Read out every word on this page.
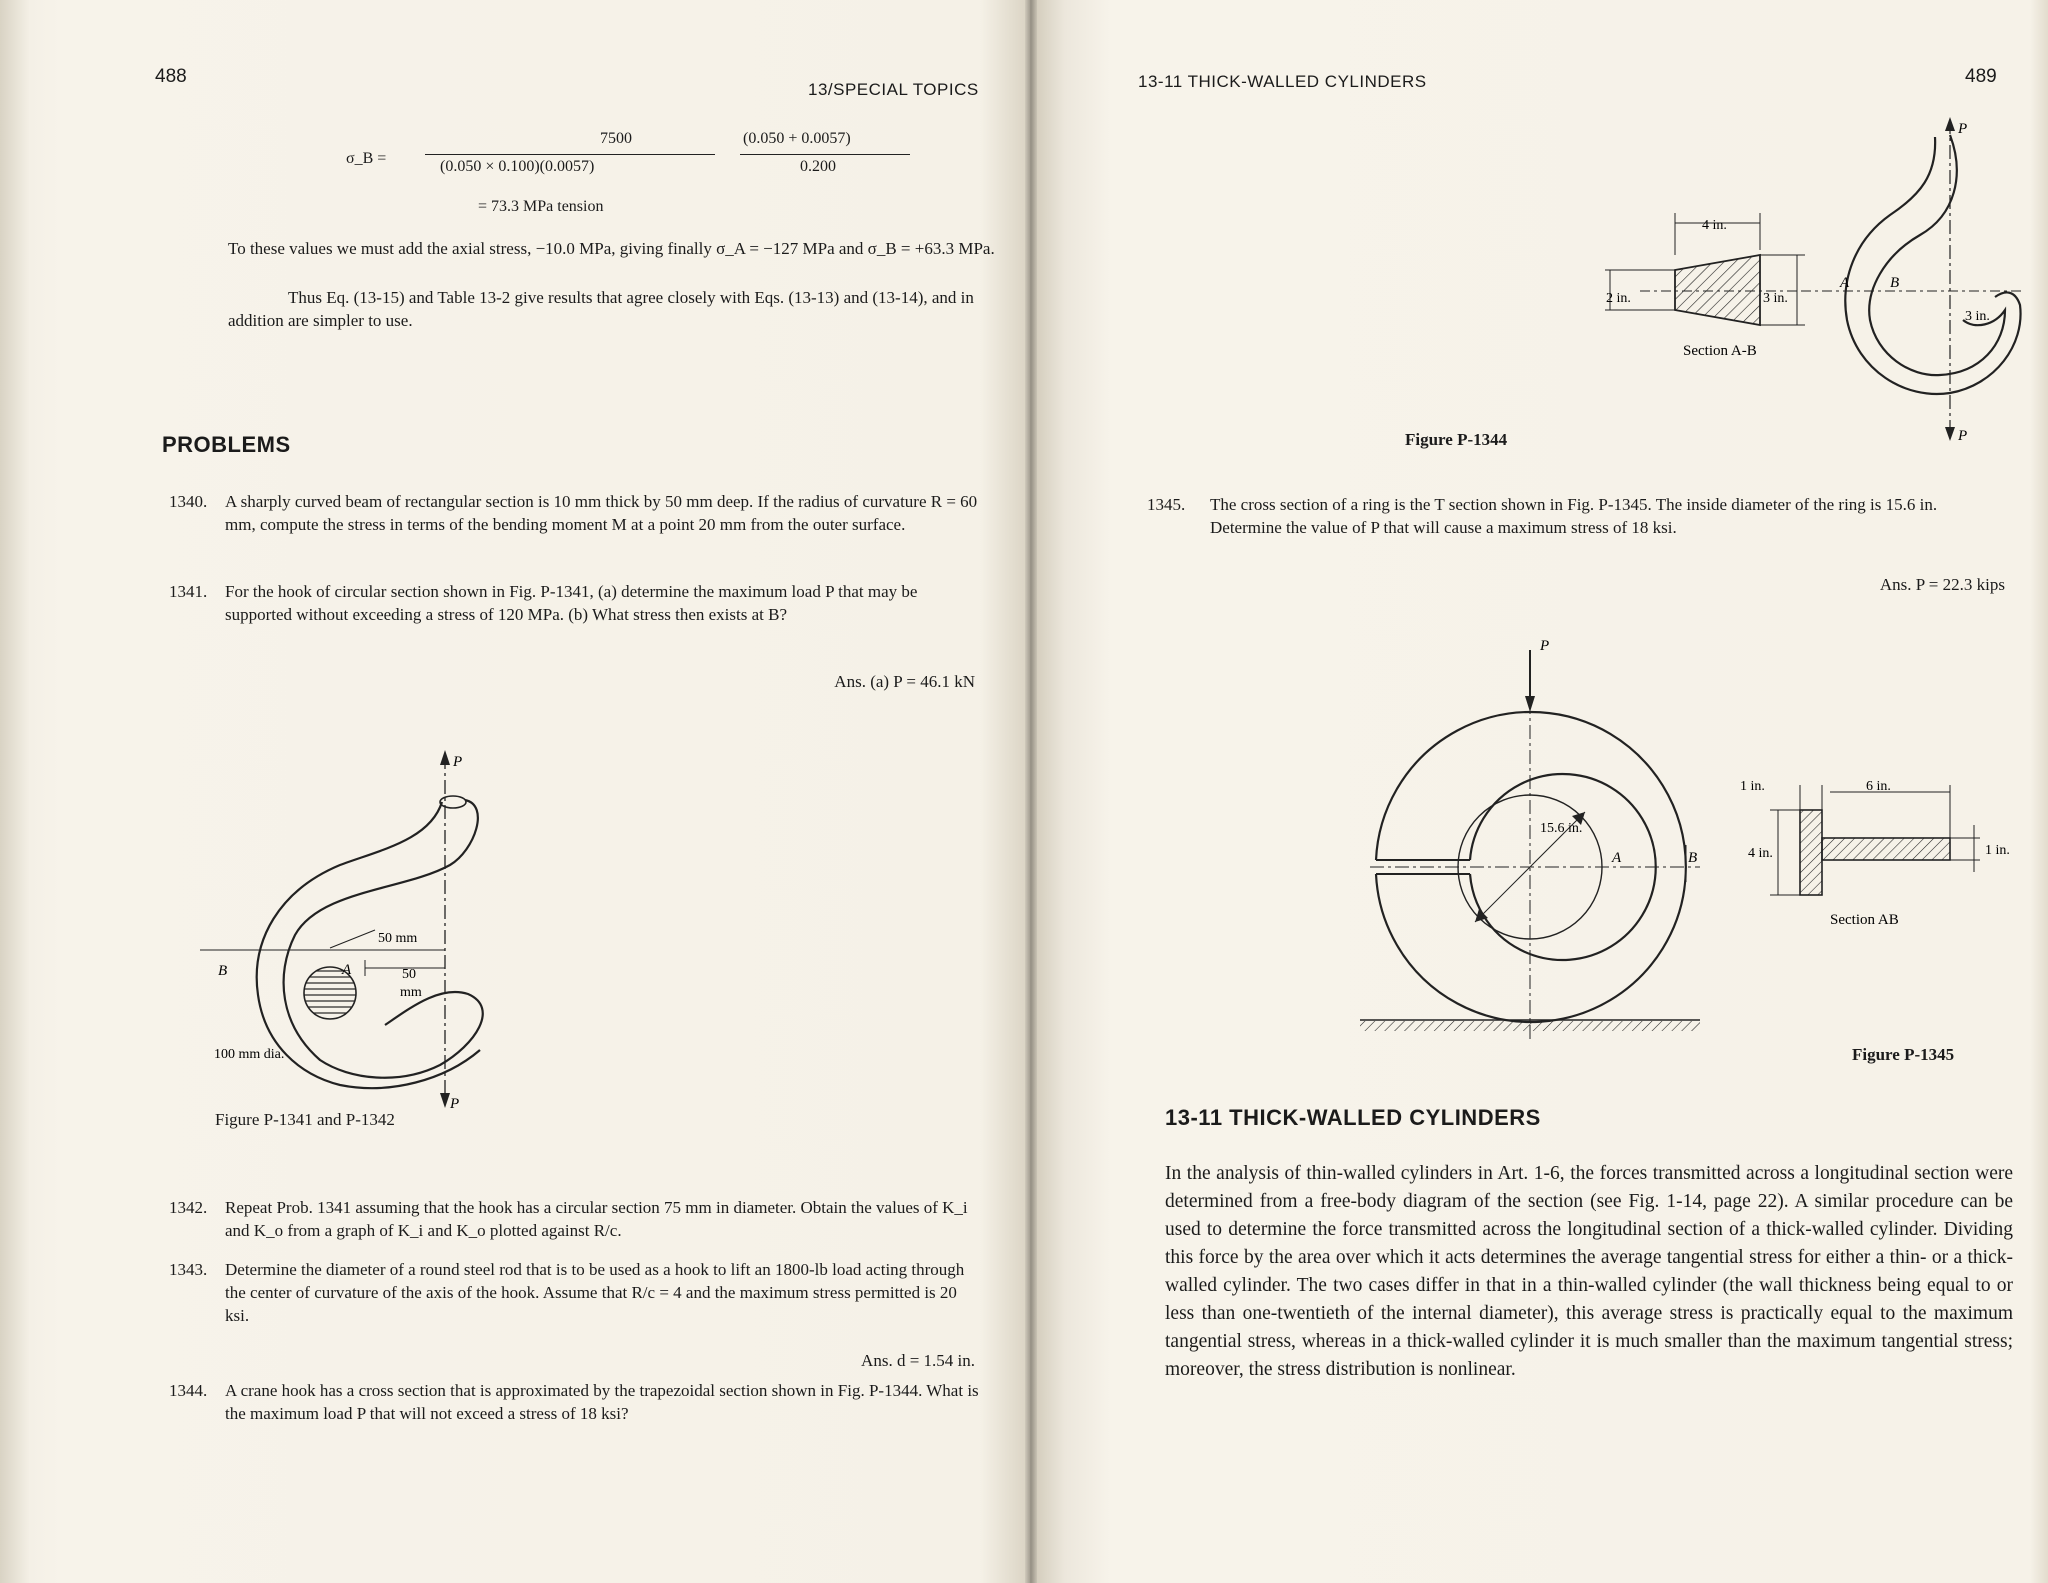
488
13/SPECIAL TOPICS
σ_B =
7500
(0.050 × 0.100)(0.0057)
(0.050 + 0.0057)
0.200
= 73.3 MPa tension
To these values we must add the axial stress, −10.0 MPa, giving finally σ_A = −127 MPa and σ_B = +63.3 MPa.
Thus Eq. (13-15) and Table 13-2 give results that agree closely with Eqs. (13-13) and (13-14), and in addition are simpler to use.
PROBLEMS
1340. A sharply curved beam of rectangular section is 10 mm thick by 50 mm deep. If the radius of curvature R = 60 mm, compute the stress in terms of the bending moment M at a point 20 mm from the outer surface.
1341. For the hook of circular section shown in Fig. P-1341, (a) determine the maximum load P that may be supported without exceeding a stress of 120 MPa. (b) What stress then exists at B?
Ans. (a) P = 46.1 kN
B	A
P
P
50 mm
50
mm
100 mm dia.
Figure P-1341 and P-1342
1342. Repeat Prob. 1341 assuming that the hook has a circular section 75 mm in diameter. Obtain the values of K_i and K_o from a graph of K_i and K_o plotted against R/c.
1343. Determine the diameter of a round steel rod that is to be used as a hook to lift an 1800-lb load acting through the center of curvature of the axis of the hook. Assume that R/c = 4 and the maximum stress permitted is 20 ksi.
Ans. d = 1.54 in.
1344. A crane hook has a cross section that is approximated by the trapezoidal section shown in Fig. P-1344. What is the maximum load P that will not exceed a stress of 18 ksi?
13-11 THICK-WALLED CYLINDERS	489
4 in.
2 in.	3 in.
Section A-B
P
P
A	B
3 in.
Figure P-1344
1345. The cross section of a ring is the T section shown in Fig. P-1345. The inside diameter of the ring is 15.6 in. Determine the value of P that will cause a maximum stress of 18 ksi.
Ans. P = 22.3 kips
P
15.6 in.
A	B
1 in.	6 in.
4 in.	1 in.
Section AB
Figure P-1345
13-11 THICK-WALLED CYLINDERS
In the analysis of thin-walled cylinders in Art. 1-6, the forces transmitted across a longitudinal section were determined from a free-body diagram of the section (see Fig. 1-14, page 22). A similar procedure can be used to determine the force transmitted across the longitudinal section of a thick-walled cylinder. Dividing this force by the area over which it acts determines the average tangential stress for either a thin- or a thick-walled cylinder. The two cases differ in that in a thin-walled cylinder (the wall thickness being equal to or less than one-twentieth of the internal diameter), this average stress is practically equal to the maximum tangential stress, whereas in a thick-walled cylinder it is much smaller than the maximum tangential stress; moreover, the stress distribution is nonlinear.
